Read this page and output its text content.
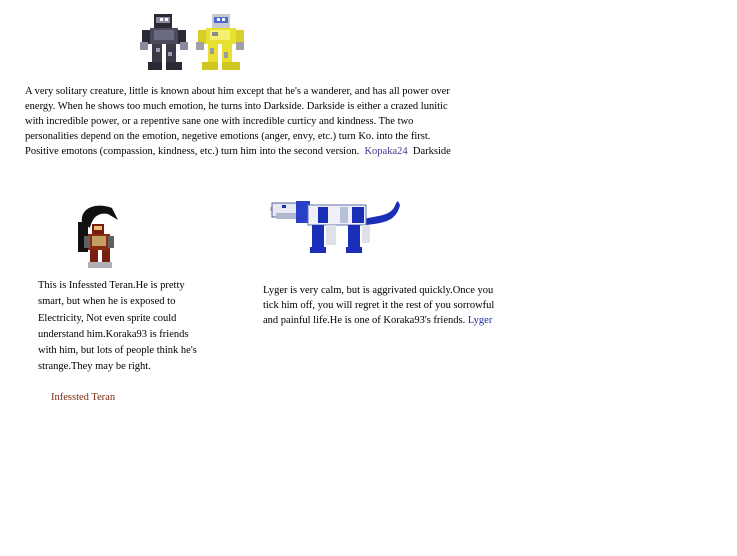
A very solitary creature, little is known about him except that he's a wanderer, and has all power over energy. When he shows too much emotion, he turns into Darkside. Darkside is either a crazed lunitic with incredible power, or a repentive sane one with incredible curticy and kindness. The two personalities depend on the emotion, negetive emotions (anger, envy, etc.) turn Ko. into the first. Positive emotons (compassion, kindness, etc.) turn him into the second version. Kopaka24 Darkside
This is Infessted Teran.He is pretty smart, but when he is exposed to Electricity, Not even sprite could understand him.Koraka93 is friends with him, but lots of people think he's strange.They may be right.
Infessted Teran
Lyger is very calm, but is aggrivated quickly.Once you tick him off, you will regret it the rest of you sorrowful and painful life.He is one of Koraka93's friends. Lyger
